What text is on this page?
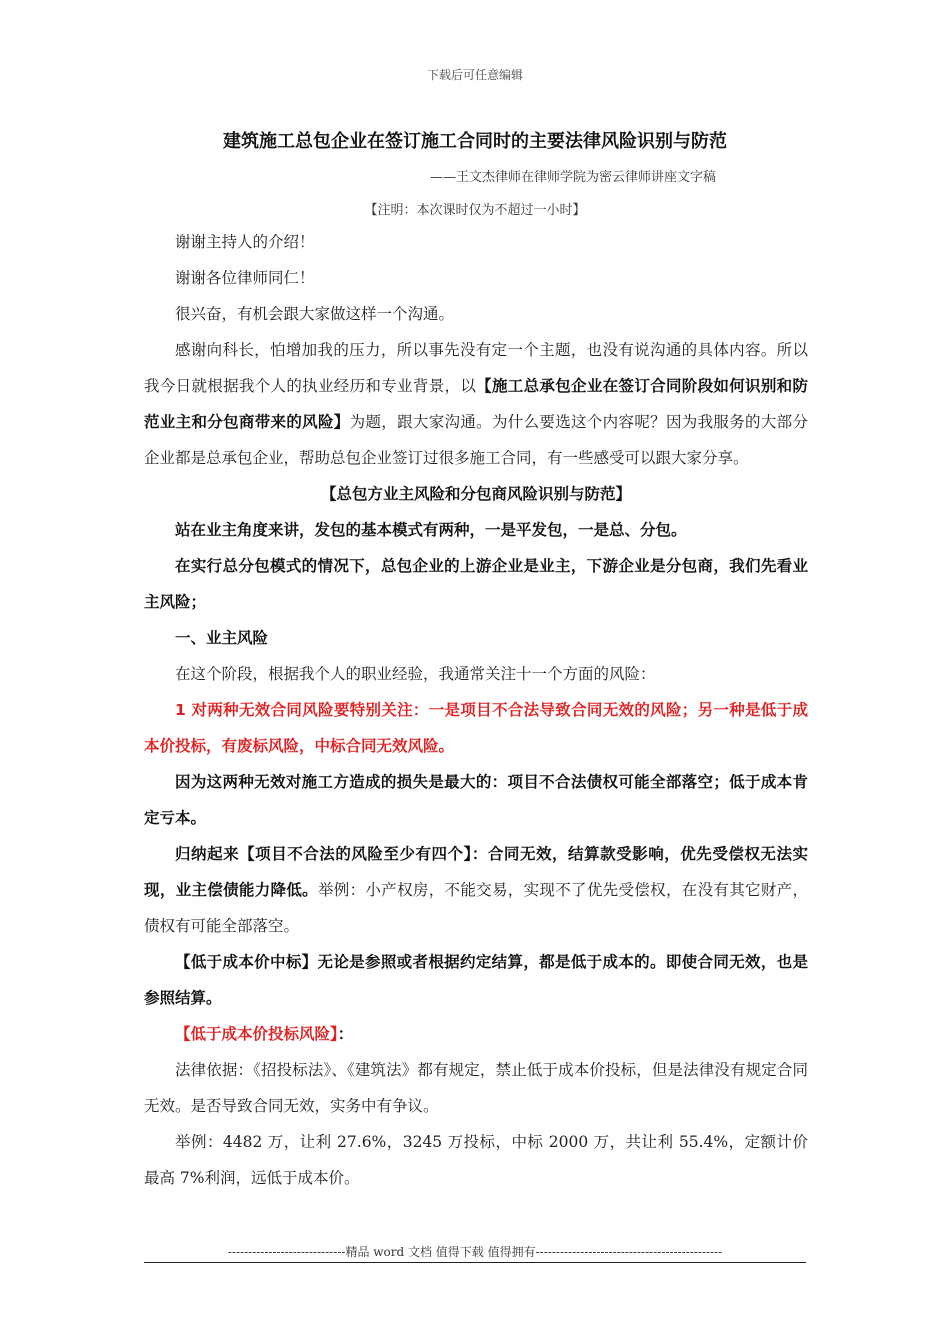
下载后可任意编辑
建筑施工总包企业在签订施工合同时的主要法律风险识别与防范
——王文杰律师在律师学院为密云律师讲座文字稿
【注明：本次课时仅为不超过一小时】

谢谢主持人的介绍！

谢谢各位律师同仁！

很兴奋，有机会跟大家做这样一个沟通。

感谢向科长，怕增加我的压力，所以事先没有定一个主题，也没有说沟通的具体内容。所以我今日就根据我个人的执业经历和专业背景，以【施工总承包企业在签订合同阶段如何识别和防范业主和分包商带来的风险】为题，跟大家沟通。为什么要选这个内容呢？因为我服务的大部分企业都是总承包企业，帮助总包企业签订过很多施工合同，有一些感受可以跟大家分享。

【总包方业主风险和分包商风险识别与防范】

站在业主角度来讲，发包的基本模式有两种，一是平发包，一是总、分包。

在实行总分包模式的情况下，总包企业的上游企业是业主，下游企业是分包商，我们先看业主风险；

一、业主风险

在这个阶段，根据我个人的职业经验，我通常关注十一个方面的风险：

1 对两种无效合同风险要特别关注：一是项目不合法导致合同无效的风险；另一种是低于成本价投标，有废标风险，中标合同无效风险。

因为这两种无效对施工方造成的损失是最大的：项目不合法债权可能全部落空；低于成本肯定亏本。

归纳起来【项目不合法的风险至少有四个】：合同无效，结算款受影响，优先受偿权无法实现，业主偿债能力降低。举例：小产权房，不能交易，实现不了优先受偿权，在没有其它财产，债权有可能全部落空。

【低于成本价中标】无论是参照或者根据约定结算，都是低于成本的。即使合同无效，也是参照结算。

【低于成本价投标风险】：

法律依据：《招投标法》、《建筑法》都有规定，禁止低于成本价投标，但是法律没有规定合同无效。是否导致合同无效，实务中有争议。

举例：4482 万，让利 27.6%，3245 万投标，中标 2000 万，共让利 55.4%，定额计价最高 7%利润，远低于成本价。

-----------------------------精品 word 文档 值得下载 值得拥有----------------------------------------------
